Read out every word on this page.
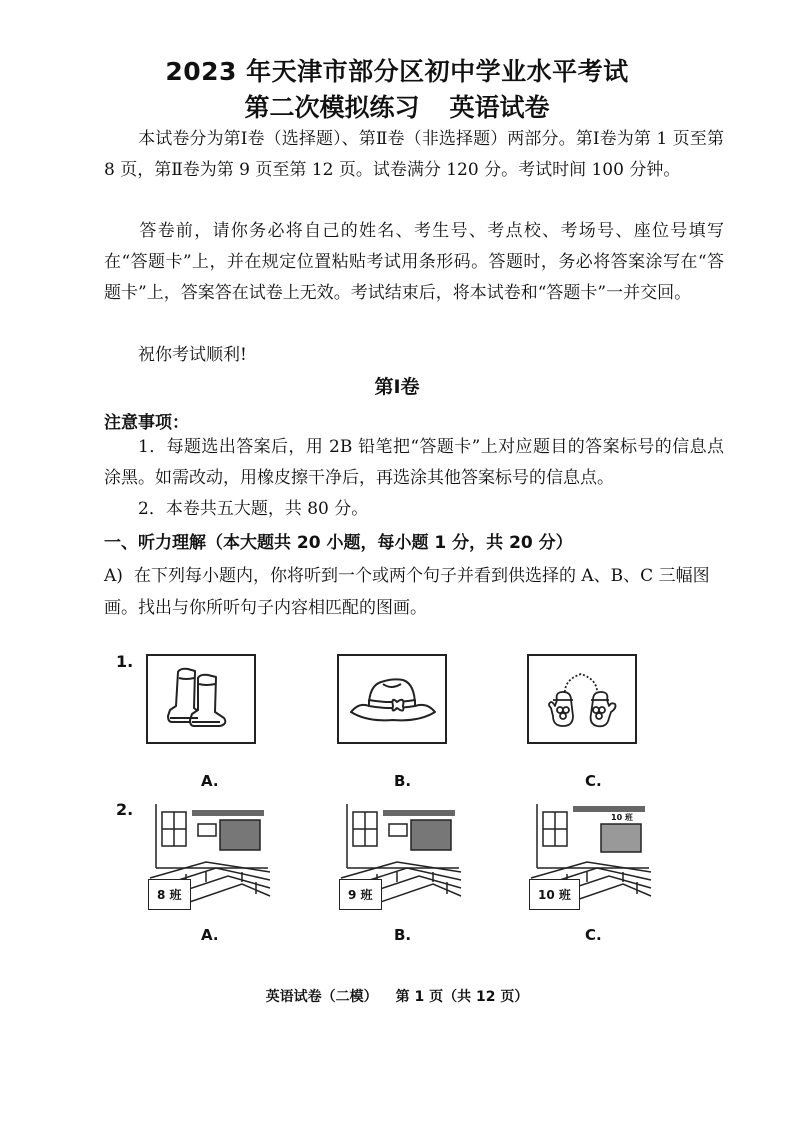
2023 年天津市部分区初中学业水平考试
第二次模拟练习 英语试卷
本试卷分为第Ⅰ卷（选择题）、第Ⅱ卷（非选择题）两部分。第Ⅰ卷为第 1 页至第 8 页，第Ⅱ卷为第 9 页至第 12 页。试卷满分 120 分。考试时间 100 分钟。
答卷前，请你务必将自己的姓名、考生号、考点校、考场号、座位号填写在“答题卡”上，并在规定位置粘贴考试用条形码。答题时，务必将答案涂写在“答题卡”上，答案答在试卷上无效。考试结束后，将本试卷和“答题卡”一并交回。
祝你考试顺利!
第Ⅰ卷
注意事项：
1．每题选出答案后，用 2B 铅笔把“答题卡”上对应题目的答案标号的信息点涂黑。如需改动，用橡皮擦干净后，再选涂其他答案标号的信息点。
2．本卷共五大题，共 80 分。
一、听力理解（本大题共 20 小题，每小题 1 分，共 20 分）
A) 在下列每小题内，你将听到一个或两个句子并看到供选择的 A、B、C 三幅图画。找出与你所听句子内容相匹配的图画。
1.
A.	B.	C.
2.
8 班
A.
9 班
B.
10 班
10 班
C.
英语试卷（二模） 第 1 页（共 12 页）
